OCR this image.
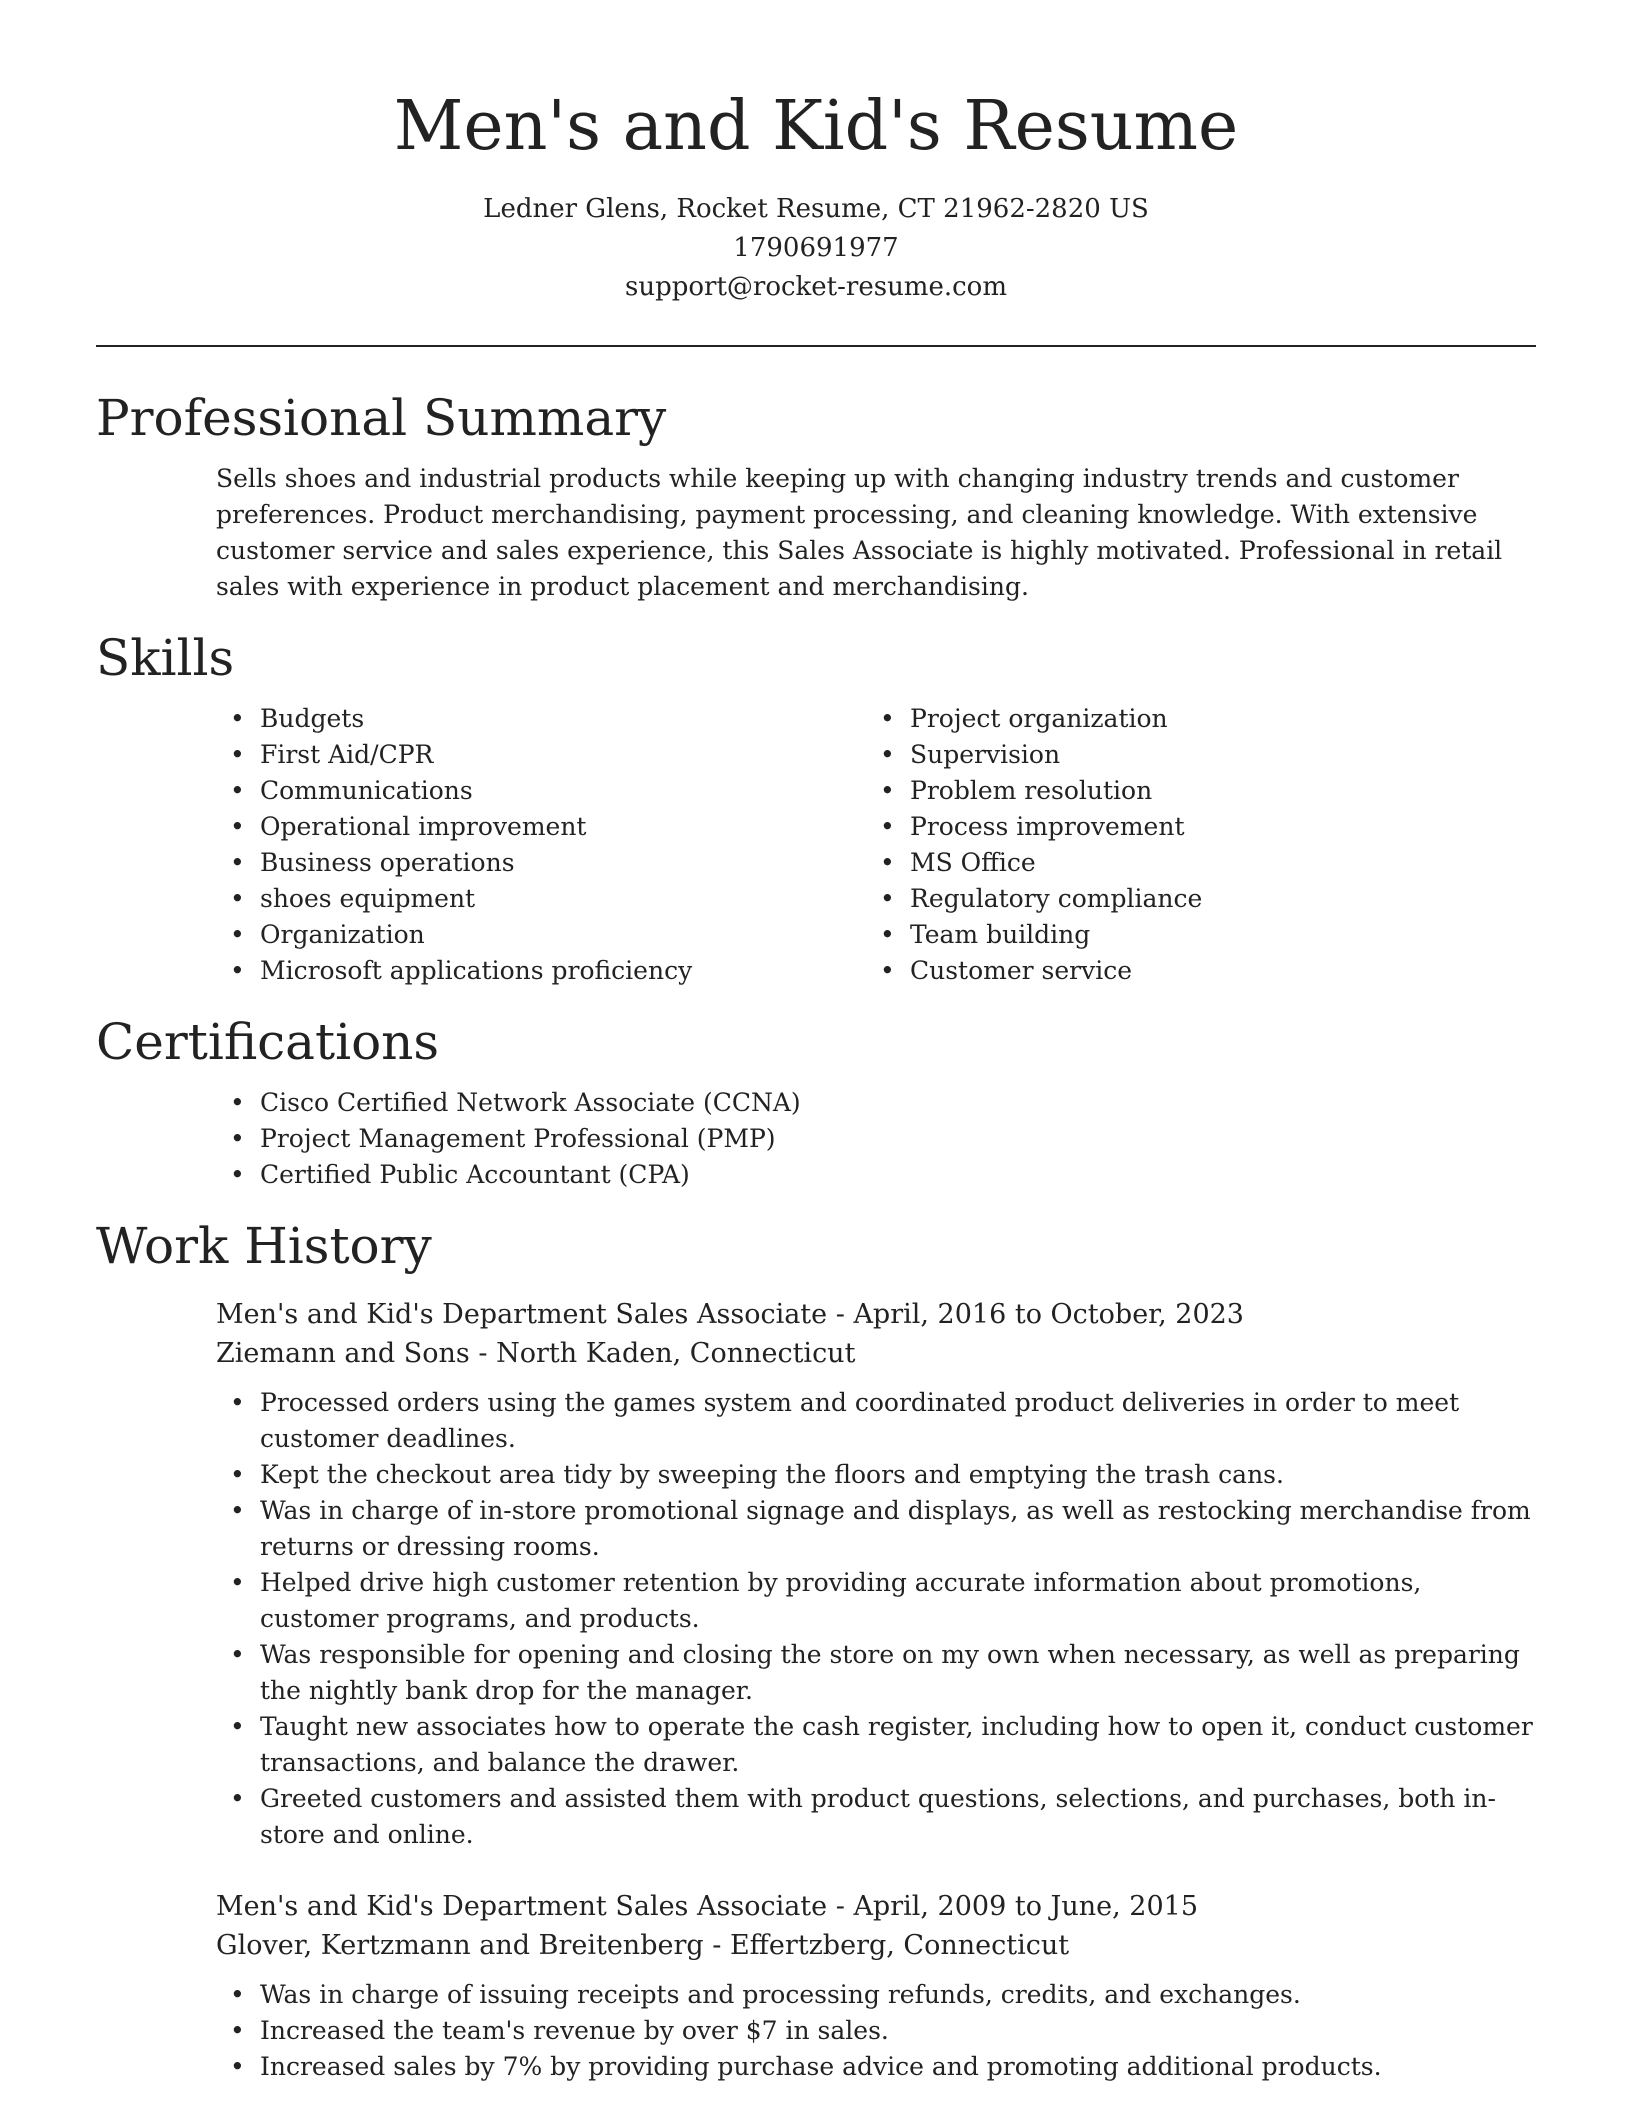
Men's and Kid's Resume
Ledner Glens, Rocket Resume, CT 21962-2820 US
1790691977
support@rocket-resume.com
Professional Summary
Sells shoes and industrial products while keeping up with changing industry trends and customer preferences. Product merchandising, payment processing, and cleaning knowledge. With extensive customer service and sales experience, this Sales Associate is highly motivated. Professional in retail sales with experience in product placement and merchandising.
Skills
• Budgets
• First Aid/CPR
• Communications
• Operational improvement
• Business operations
• shoes equipment
• Organization
• Microsoft applications proficiency
• Project organization
• Supervision
• Problem resolution
• Process improvement
• MS Office
• Regulatory compliance
• Team building
• Customer service
Certifications
• Cisco Certified Network Associate (CCNA)
• Project Management Professional (PMP)
• Certified Public Accountant (CPA)
Work History
Men's and Kid's Department Sales Associate - April, 2016 to October, 2023
Ziemann and Sons - North Kaden, Connecticut
• Processed orders using the games system and coordinated product deliveries in order to meet customer deadlines.
• Kept the checkout area tidy by sweeping the floors and emptying the trash cans.
• Was in charge of in-store promotional signage and displays, as well as restocking merchandise from returns or dressing rooms.
• Helped drive high customer retention by providing accurate information about promotions, customer programs, and products.
• Was responsible for opening and closing the store on my own when necessary, as well as preparing the nightly bank drop for the manager.
• Taught new associates how to operate the cash register, including how to open it, conduct customer transactions, and balance the drawer.
• Greeted customers and assisted them with product questions, selections, and purchases, both in-store and online.
Men's and Kid's Department Sales Associate - April, 2009 to June, 2015
Glover, Kertzmann and Breitenberg - Effertzberg, Connecticut
• Was in charge of issuing receipts and processing refunds, credits, and exchanges.
• Increased the team's revenue by over $7 in sales.
• Increased sales by 7% by providing purchase advice and promoting additional products.
